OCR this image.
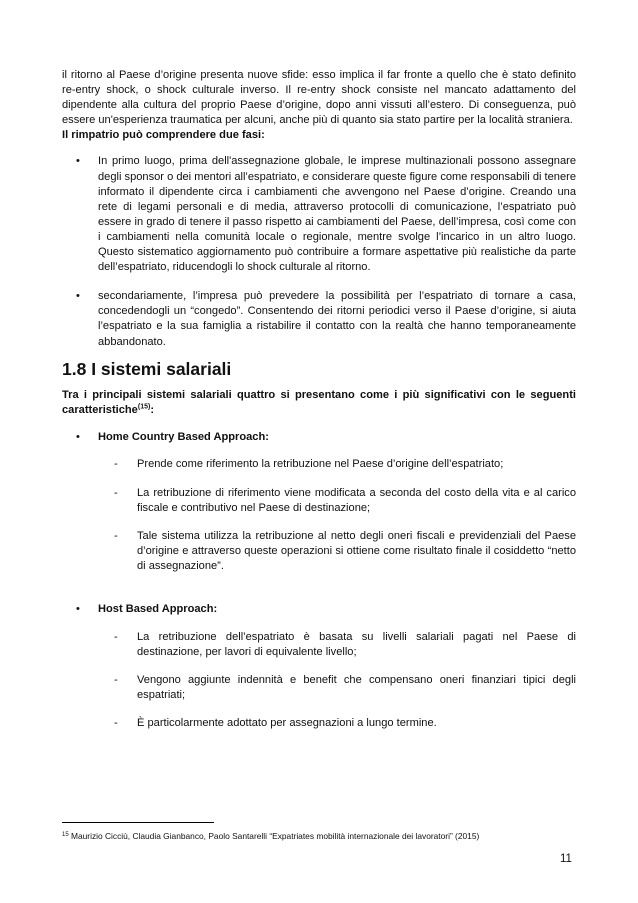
il ritorno al Paese d’origine presenta nuove sfide: esso implica il far fronte a quello che è stato definito re-entry shock, o shock culturale inverso. Il re-entry shock consiste nel mancato adattamento del dipendente alla cultura del proprio Paese d’origine, dopo anni vissuti all’estero. Di conseguenza, può essere un'esperienza traumatica per alcuni, anche più di quanto sia stato partire per la località straniera.

Il rimpatrio può comprendere due fasi:

•	In primo luogo, prima dell'assegnazione globale, le imprese multinazionali possono assegnare degli sponsor o dei mentori all’espatriato, e considerare queste figure come responsabili di tenere informato il dipendente circa i cambiamenti che avvengono nel Paese d’origine. Creando una rete di legami personali e di media, attraverso protocolli di comunicazione, l’espatriato può essere in grado di tenere il passo rispetto ai cambiamenti del Paese, dell’impresa, così come con i cambiamenti nella comunità locale o regionale, mentre svolge l’incarico in un altro luogo. Questo sistematico aggiornamento può contribuire a formare aspettative più realistiche da parte dell’espatriato, riducendogli lo shock culturale al ritorno.

•	secondariamente, l’impresa può prevedere la possibilità per l’espatriato di tornare a casa, concedendogli un “congedo”. Consentendo dei ritorni periodici verso il Paese d’origine, si aiuta l’espatriato e la sua famiglia a ristabilire il contatto con la realtà che hanno temporaneamente abbandonato.

1.8 I sistemi salariali

Tra i principali sistemi salariali quattro si presentano come i più significativi con le seguenti caratteristiche$^{(15)}$:

•	Home Country Based Approach:

-	Prende come riferimento la retribuzione nel Paese d’origine dell’espatriato;

-	La retribuzione di riferimento viene modificata a seconda del costo della vita e al carico fiscale e contributivo nel Paese di destinazione;

-	Tale sistema utilizza la retribuzione al netto degli oneri fiscali e previdenziali del Paese d’origine e attraverso queste operazioni si ottiene come risultato finale il cosiddetto “netto di assegnazione”.

•	Host Based Approach:

-	La retribuzione dell’espatriato è basata su livelli salariali pagati nel Paese di destinazione, per lavori di equivalente livello;

-	Vengono aggiunte indennità e benefit che compensano oneri finanziari tipici degli espatriati;

-	È particolarmente adottato per assegnazioni a lungo termine.

$^{15}$ Maurizio Cicciù, Claudia Gianbanco, Paolo Santarelli “Expatriates mobilità internazionale dei lavoratori” (2015)

11
